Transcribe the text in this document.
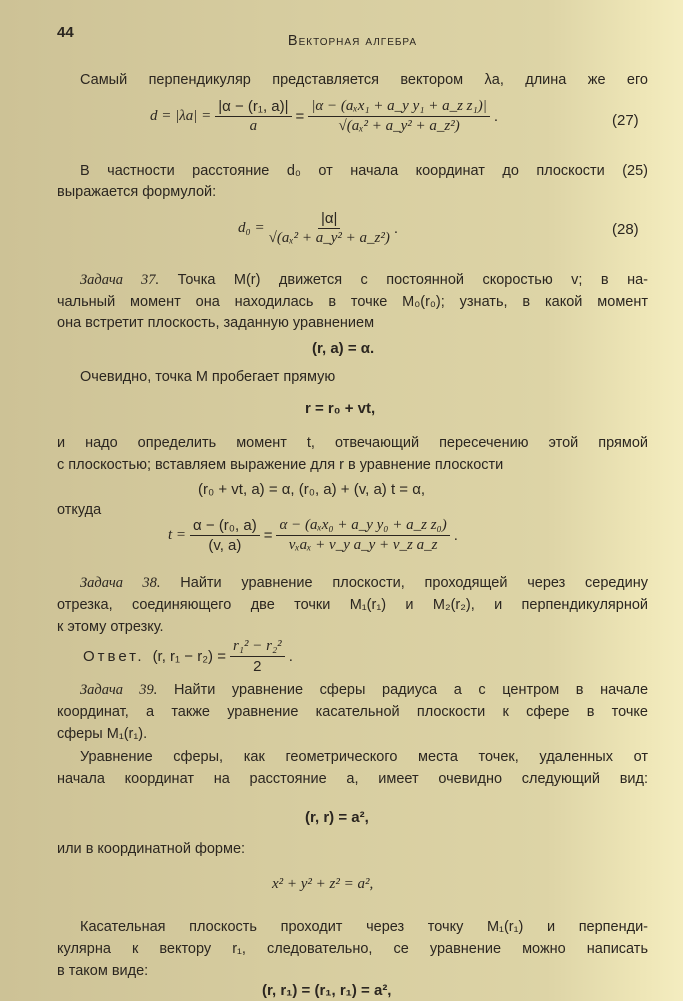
44	Векторная алгебра
Самый перпендикуляр представляется вектором λa, длина же его
$d = |\lambda a| = \frac{\text{|α − (r₁, a)|}}{a} = \frac{\text{|α − (aₓx₁ + a\_y y₁ + a\_z z₁)|}}{\text{√(aₓ² + a\_y² + a\_z²)}}$ .	(27)
В частности расстояние d₀ от начала координат до плоскости (25)
выражается формулой:
$d_0 = \frac{|\alpha|}{\text{√(aₓ² + a\_y² + a\_z²)}}$ .	(28)
Задача 37. Точка M(r) движется с постоянной скоростью v; в на-
чальный момент она находилась в точке M₀(r₀); узнать, в какой момент
она встретит плоскость, заданную уравнением
(r, a) = α.
Очевидно, точка M пробегает прямую
r = r₀ + vt,
и надо определить момент t, отвечающий пересечению этой прямой
с плоскостью; вставляем выражение для r в уравнение плоскости
(r₀ + vt, a) = α, (r₀, a) + (v, a) t = α,
откуда
$t = \frac{\text{α − (r₀, a)}}{(v, a)} = \frac{\text{α − (aₓx₀ + a\_y y₀ + a\_z z₀)}}{\text{vₓaₓ + v\_y a\_y + v\_z a\_z}}$ .
Задача 38. Найти уравнение плоскости, проходящей через середину
отрезка, соединяющего две точки M₁(r₁) и M₂(r₂), и перпендикулярной
к этому отрезку.
Ответ. (r, $r_1 - r_2) = \frac{\text{r₁² − r₂²}}{2}$ .
Задача 39. Найти уравнение сферы радиуса a с центром в начале
координат, а также уравнение касательной плоскости к сфере в точке
сферы M₁(r₁).
Уравнение сферы, как геометрического места точек, удаленных от
начала координат на расстояние a, имеет очевидно следующий вид:
(r, r) = a²,
или в координатной форме:
x² + y² + z² = a²,
Касательная плоскость проходит через точку M₁(r₁) и перпенди-
кулярна к вектору r₁, следовательно, се уравнение можно написать
в таком виде:
(r, r₁) = (r₁, r₁) = a²,
